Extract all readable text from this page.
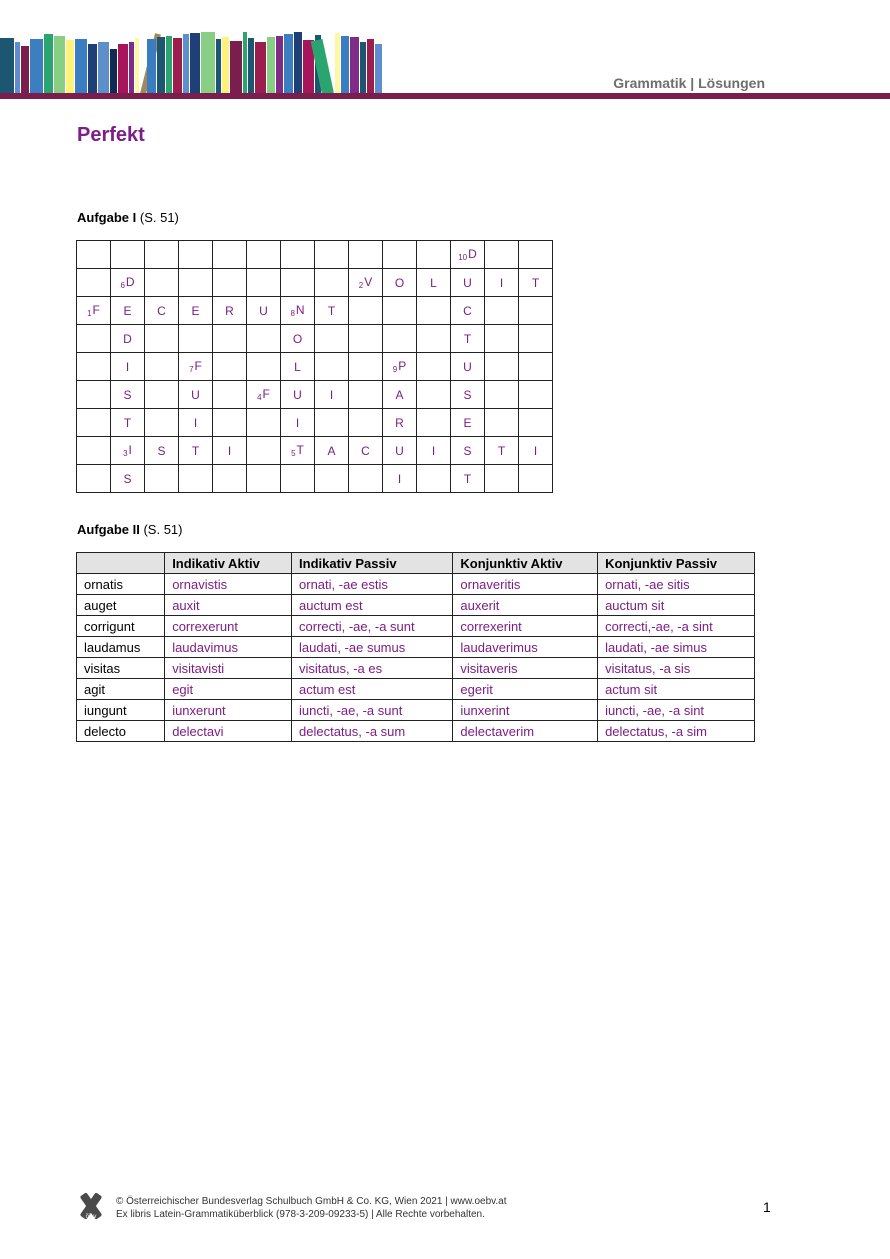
Grammatik | Lösungen
Perfekt
Aufgabe I (S. 51)
											$_{10}$D		
	$_6$D							$_2$V	O	L	U	I	T
$_1$F	E	C	E	R	U	$_8$N	T				C		
	D					O					T		
	I		$_7$F			L			$_9$P		U		
	S		U		$_4$F	U	I		A		S		
	T		I			I			R		E		
	$_3$I	S	T	I		$_5$T	A	C	U	I	S	T	I
	S								I		T		
Aufgabe II (S. 51)
	Indikativ Aktiv	Indikativ Passiv	Konjunktiv Aktiv	Konjunktiv Passiv
ornatis	ornavistis	ornati, -ae estis	ornaveritis	ornati, -ae sitis
auget	auxit	auctum est	auxerit	auctum sit
corrigunt	correxerunt	correcti, -ae, -a sunt	correxerint	correcti,-ae, -a sint
laudamus	laudavimus	laudati, -ae sumus	laudaverimus	laudati, -ae simus
visitas	visitavisti	visitatus, -a es	visitaveris	visitatus, -a sis
agit	egit	actum est	egerit	actum sit
iungunt	iunxerunt	iuncti, -ae, -a sunt	iunxerint	iuncti, -ae, -a sint
delecto	delectavi	delectatus, -a sum	delectaverim	delectatus, -a sim
öbv
© Österreichischer Bundesverlag Schulbuch GmbH & Co. KG, Wien 2021 | www.oebv.at
Ex libris Latein-Grammatiküberblick (978-3-209-09233-5) | Alle Rechte vorbehalten.	1
